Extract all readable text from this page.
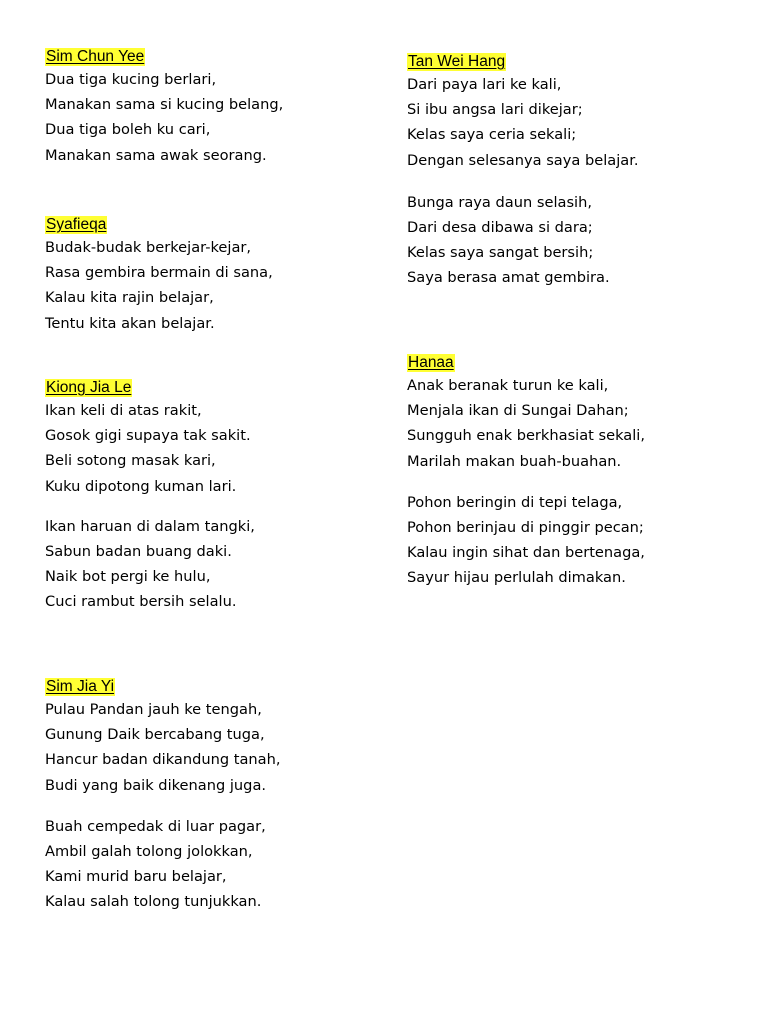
Sim Chun Yee
Dua tiga kucing berlari,
Manakan sama si kucing belang,
Dua tiga boleh ku cari,
Manakan sama awak seorang.
Syafieqa
Budak-budak berkejar-kejar,
Rasa gembira bermain di sana,
Kalau kita rajin belajar,
Tentu kita akan belajar.
Kiong Jia Le
Ikan keli di atas rakit,
Gosok gigi supaya tak sakit.
Beli sotong masak kari,
Kuku dipotong kuman lari.
Ikan haruan di dalam tangki,
Sabun badan buang daki.
Naik bot pergi ke hulu,
Cuci rambut bersih selalu.
Sim Jia Yi
Pulau Pandan jauh ke tengah,
Gunung Daik bercabang tuga,
Hancur badan dikandung tanah,
Budi yang baik dikenang juga.
Buah cempedak di luar pagar,
Ambil galah tolong jolokkan,
Kami murid baru belajar,
Kalau salah tolong tunjukkan.
Tan Wei Hang
Dari paya lari ke kali,
Si ibu angsa lari dikejar;
Kelas saya ceria sekali;
Dengan selesanya saya belajar.
Bunga raya daun selasih,
Dari desa dibawa si dara;
Kelas saya sangat bersih;
Saya berasa amat gembira.
Hanaa
Anak beranak turun ke kali,
Menjala ikan di Sungai Dahan;
Sungguh enak berkhasiat sekali,
Marilah makan buah-buahan.
Pohon beringin di tepi telaga,
Pohon berinjau di pinggir pecan;
Kalau ingin sihat dan bertenaga,
Sayur hijau perlulah dimakan.
